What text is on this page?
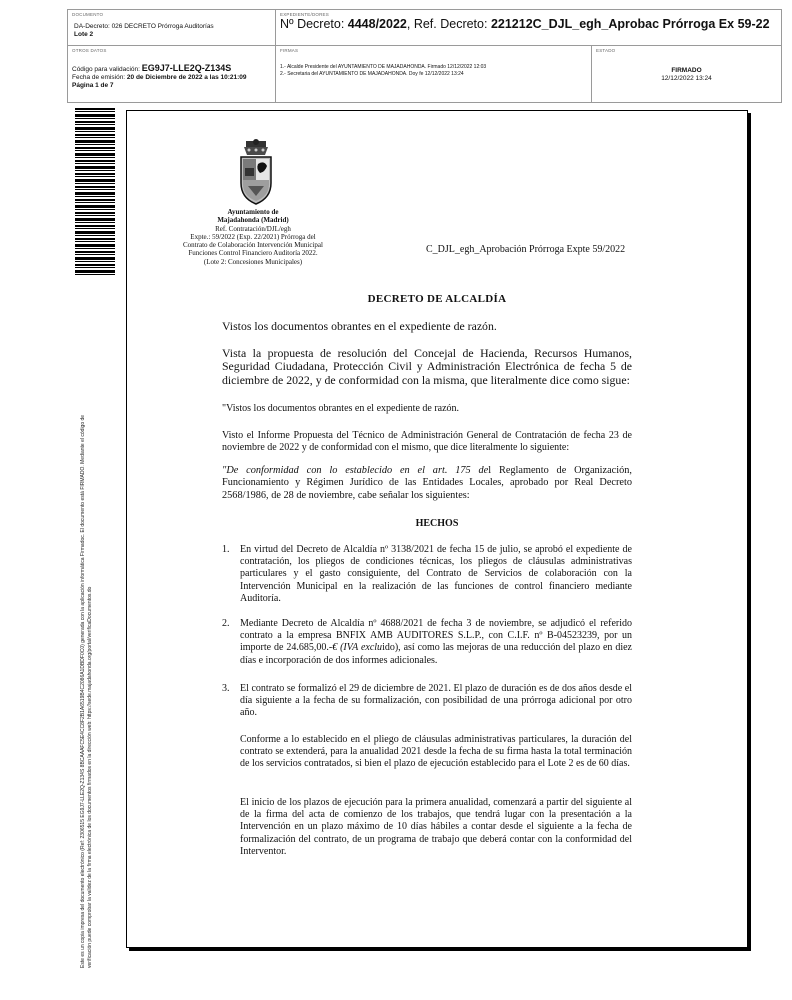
DOCUMENTO
DA-Decreto: 026 DECRETO Prórroga Auditorías
Lote 2
EXPEDIENTE/DORES
Nº Decreto: 4448/2022, Ref. Decreto: 221212C_DJL_egh_Aprobac Prórroga Ex 59-22
OTROS DATOS
Código para validación: EG9J7-LLE2Q-Z134S
Fecha de emisión: 20 de Diciembre de 2022 a las 10:21:09
Página 1 de 7
FIRMAS
1.- Alcalde Presidente del AYUNTAMIENTO DE MAJADAHONDA. Firmado 12/12/2022 12:03
2.- Secretaria del AYUNTAMIENTO DE MAJADAHONDA. Doy fe 12/12/2022 13:24
ESTADO
FIRMADO
12/12/2022 13:24
Este es un copia impresa del documento electrónico (Ref: 2306515 EG9J7-LLE2Q-Z134S 8BCAAAFC5E4CC8F2B1A6519B4C2086A1DBDF0C0) generada con la aplicación informática Firmadoc. El documento está FIRMADO. Mediante el código de verificación puede comprobar la validez de la firma electrónica de los documentos firmados en la dirección web: https://sede.majadahonda.org/portal/verificaDocumentos.do
Ayuntamiento de
Majadahonda (Madrid)
Ref. Contratación/DJL/egh
Expte.: 59/2022 (Exp. 22/2021) Prórroga del
Contrato de Colaboración Intervención Municipal
Funciones Control Financiero Auditoría 2022.
(Lote 2: Concesiones Municipales)
C_DJL_egh_Aprobación Prórroga Expte 59/2022
DECRETO DE ALCALDÍA
Vistos los documentos obrantes en el expediente de razón.
Vista la propuesta de resolución del Concejal de Hacienda, Recursos Humanos, Seguridad Ciudadana, Protección Civil y Administración Electrónica de fecha 5 de diciembre de 2022, y de conformidad con la misma, que literalmente dice como sigue:
"Vistos los documentos obrantes en el expediente de razón.
Visto el Informe Propuesta del Técnico de Administración General de Contratación de fecha 23 de noviembre de 2022 y de conformidad con el mismo, que dice literalmente lo siguiente:
"De conformidad con lo establecido en el art. 175 del Reglamento de Organización, Funcionamiento y Régimen Jurídico de las Entidades Locales, aprobado por Real Decreto 2568/1986, de 28 de noviembre, cabe señalar los siguientes:
HECHOS
1. En virtud del Decreto de Alcaldía nº 3138/2021 de fecha 15 de julio, se aprobó el expediente de contratación, los pliegos de condiciones técnicas, los pliegos de cláusulas administrativas particulares y el gasto consiguiente, del Contrato de Servicios de colaboración con la Intervención Municipal en la realización de las funciones de control financiero mediante Auditoría.
2. Mediante Decreto de Alcaldía nº 4688/2021 de fecha 3 de noviembre, se adjudicó el referido contrato a la empresa BNFIX AMB AUDITORES S.L.P., con C.I.F. nº B-04523239, por un importe de 24.685,00.-€ (IVA excluido), así como las mejoras de una reducción del plazo en diez días e incorporación de dos informes adicionales.
3. El contrato se formalizó el 29 de diciembre de 2021. El plazo de duración es de dos años desde el día siguiente a la fecha de su formalización, con posibilidad de una prórroga adicional por otro año.
Conforme a lo establecido en el pliego de cláusulas administrativas particulares, la duración del contrato se extenderá, para la anualidad 2021 desde la fecha de su firma hasta la total terminación de los servicios contratados, si bien el plazo de ejecución establecido para el Lote 2 es de 60 días.
El inicio de los plazos de ejecución para la primera anualidad, comenzará a partir del siguiente al de la firma del acta de comienzo de los trabajos, que tendrá lugar con la presentación a la Intervención en un plazo máximo de 10 días hábiles a contar desde el siguiente a la fecha de formalización del contrato, de un programa de trabajo que deberá contar con la conformidad del Interventor.
